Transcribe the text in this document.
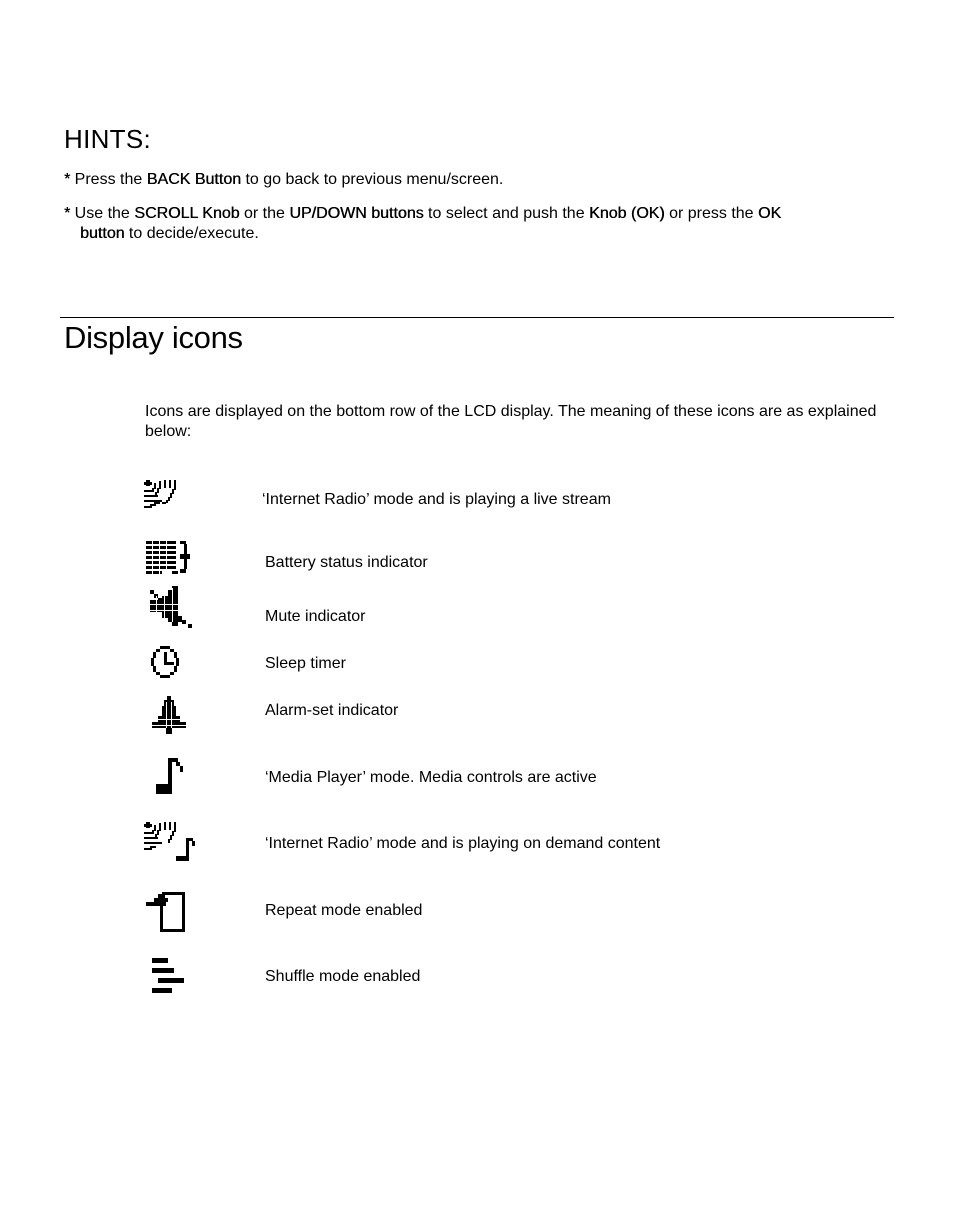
HINTS:
* Press the BACK Button to go back to previous menu/screen.
* Use the SCROLL Knob or the UP/DOWN buttons to select and push the Knob (OK) or press the OK
button to decide/execute.
Display icons
Icons are displayed on the bottom row of the LCD display. The meaning of these icons are as explained below:
‘Internet Radio’ mode and is playing a live stream
Battery status indicator
Mute indicator
Sleep timer
Alarm-set indicator
‘Media Player’ mode. Media controls are active
‘Internet Radio’ mode and is playing on demand content
Repeat mode enabled
Shuffle mode enabled
